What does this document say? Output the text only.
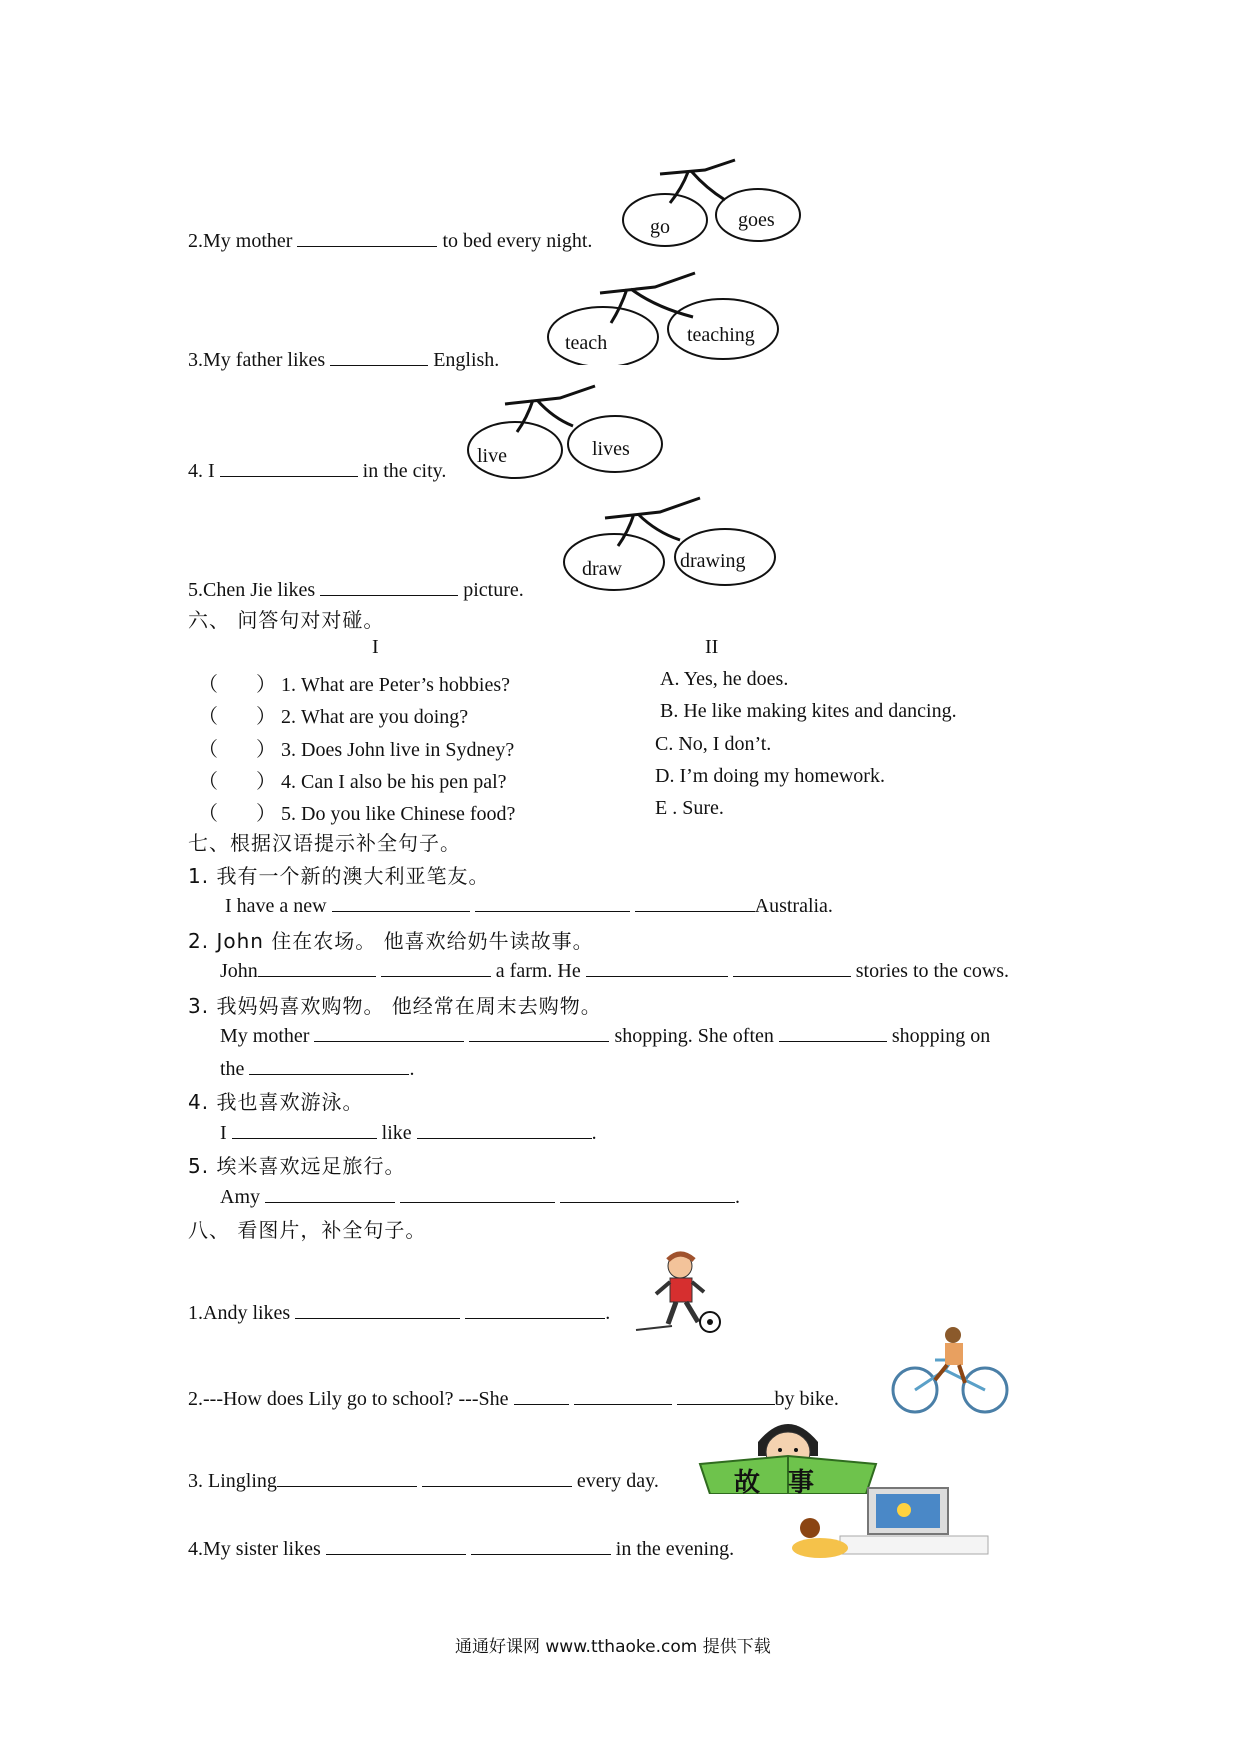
2.My mother	to bed every night.
go	goes
3.My father likes	English.
teach	teaching
4. I	in the city.
live	lives
5.Chen Jie likes	picture.
draw	drawing
六、 问答句对对碰。
I	II
（ ） 1. What are Peter’s hobbies?
（ ） 2. What are you doing?
（ ） 3. Does John live in Sydney?
（ ） 4. Can I also be his pen pal?
（ ） 5. Do you like Chinese food?
A. Yes, he does.
B. He like making kites and dancing.
C. No, I don’t.
D. I’m doing my homework.
E . Sure.
七、根据汉语提示补全句子。
1. 我有一个新的澳大利亚笔友。
I have a new	Australia.
2. John 住在农场。 他喜欢给奶牛读故事。
John	a farm. He	stories to the cows.
3. 我妈妈喜欢购物。 他经常在周末去购物。
My mother	shopping. She often	shopping on
the	.
4. 我也喜欢游泳。
I	like	.
5. 埃米喜欢远足旅行。
Amy	.
八、 看图片，补全句子。
1.Andy likes	.
2.---How does Lily go to school? ---She	by bike.
3. Lingling	every day.	故事
4.My sister likes	in the evening.
通通好课网 www.tthaoke.com 提供下载
